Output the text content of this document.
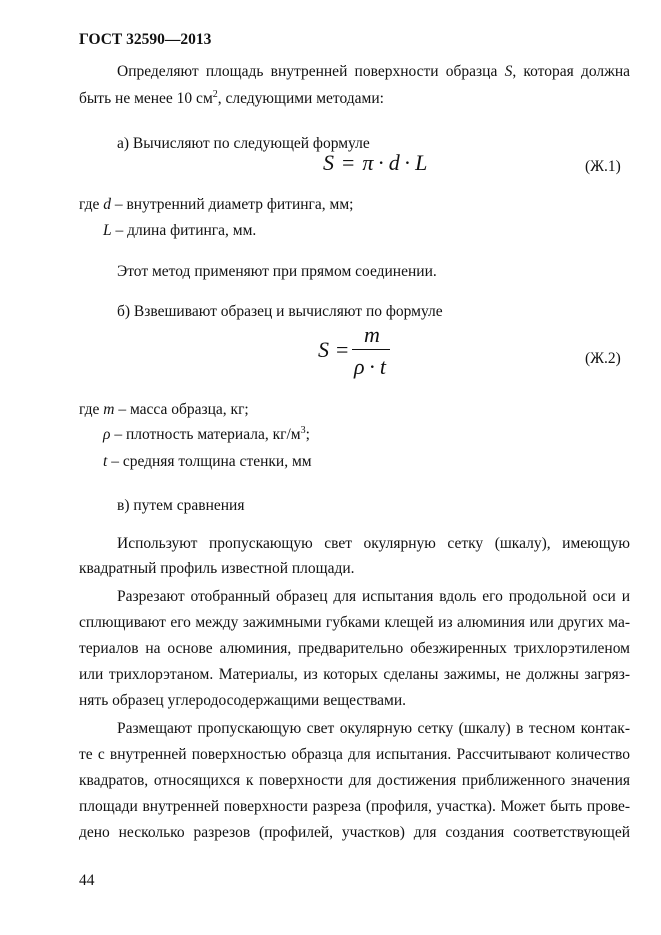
ГОСТ 32590—2013
Определяют площадь внутренней поверхности образца S, которая должна
быть не менее 10 $см^2$, следующими методами:
а) Вычисляют по следующей формуле
S = π · d · L	(Ж.1)
где d – внутренний диаметр фитинга, мм;
L – длина фитинга, мм.
Этот метод применяют при прямом соединении.
б) Взвешивают образец и вычисляют по формуле
S =
m
ρ · t	(Ж.2)
где m – масса образца, кг;
ρ – плотность материала, $кг/м^3$;
t – средняя толщина стенки, мм
в) путем сравнения
Используют пропускающую свет окулярную сетку (шкалу), имеющую
квадратный профиль известной площади.
Разрезают отобранный образец для испытания вдоль его продольной оси и
сплющивают его между зажимными губками клещей из алюминия или других ма-
териалов на основе алюминия, предварительно обезжиренных трихлорэтиленом
или трихлорэтаном. Материалы, из которых сделаны зажимы, не должны загряз-
нять образец углеродосодержащими веществами.
Размещают пропускающую свет окулярную сетку (шкалу) в тесном контак-
те с внутренней поверхностью образца для испытания. Рассчитывают количество
квадратов, относящихся к поверхности для достижения приближенного значения
площади внутренней поверхности разреза (профиля, участка). Может быть прове-
дено несколько разрезов (профилей, участков) для создания соответствующей
44
